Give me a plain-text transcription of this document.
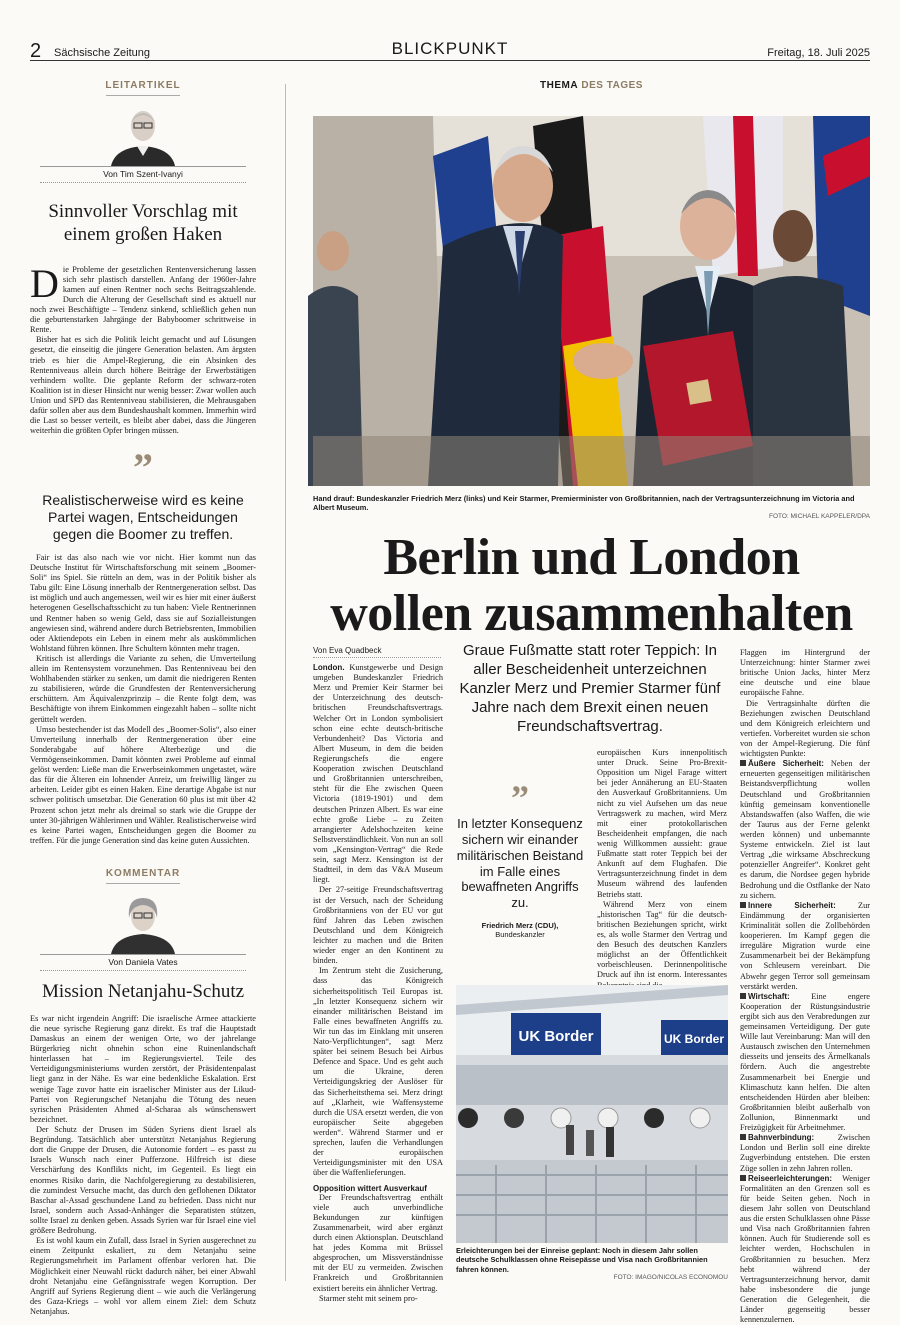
2 Sächsische Zeitung	BLICKPUNKT	Freitag, 18. Juli 2025
LEITARTIKEL
Von Tim Szent-Ivanyi
Sinnvoller Vorschlag mit einem großen Haken

Die Probleme der gesetzlichen Rentenversicherung lassen sich sehr plastisch darstellen. Anfang der 1960er-Jahre kamen auf einen Rentner noch sechs Beitragszahlende. Durch die Alterung der Gesellschaft sind es aktuell nur noch zwei Beschäftigte – Tendenz sinkend, schließlich gehen nun die geburtenstarken Jahrgänge der Babyboomer schrittweise in Rente.

Bisher hat es sich die Politik leicht gemacht und auf Lösungen gesetzt, die einseitig die jüngere Generation belasten. Am ärgsten trieb es hier die Ampel-Regierung, die ein Absinken des Rentenniveaus allein durch höhere Beiträge der Erwerbstätigen verhindern wollte. Die geplante Reform der schwarz-roten Koalition ist in dieser Hinsicht nur wenig besser: Zwar wollen auch Union und SPD das Rentenniveau stabilisieren, die Mehrausgaben dafür sollen aber aus dem Bundeshaushalt kommen. Immerhin wird die Last so besser verteilt, es bleibt aber dabei, dass die Jüngeren weiterhin die größten Opfer bringen müssen.

”
Realistischerweise wird es keine Partei wagen, Entscheidungen gegen die Boomer zu treffen.

Fair ist das also nach wie vor nicht. Hier kommt nun das Deutsche Institut für Wirtschaftsforschung mit seinem „Boomer-Soli“ ins Spiel. Sie rütteln an dem, was in der Politik bisher als Tabu gilt: Eine Lösung innerhalb der Rentnergeneration selbst. Das ist möglich und auch angemessen, weil wir es hier mit einer äußerst heterogenen Gesellschaftsschicht zu tun haben: Viele Rentnerinnen und Rentner haben so wenig Geld, dass sie auf Sozialleistungen angewiesen sind, während andere durch Betriebsrenten, Immobilien oder Aktiendepots ein Leben in einem mehr als auskömmlichen Wohlstand führen können. Ihre Schultern könnten mehr tragen.

Kritisch ist allerdings die Variante zu sehen, die Umverteilung allein im Rentensystem vorzunehmen. Das Rentenniveau bei den Wohlhabenden stärker zu senken, um damit die niedrigeren Renten zu stabilisieren, würde die Grundfesten der Rentenversicherung erschüttern. Am Äquivalenzprinzip – die Rente folgt dem, was Beschäftigte von ihrem Einkommen eingezahlt haben – sollte nicht gerüttelt werden.

Umso bestechender ist das Modell des „Boomer-Solis“, also einer Umverteilung innerhalb der Rentnergeneration über eine Sonderabgabe auf höhere Alterbezüge und die Vermögenseinkommen. Damit könnten zwei Probleme auf einmal gelöst werden: Ließe man die Erwerbseinkommen ungetastet, wäre das für die Älteren ein lohnender Anreiz, um freiwillig länger zu arbeiten. Leider gibt es einen Haken. Eine derartige Abgabe ist nur schwer politisch umsetzbar. Die Generation 60 plus ist mit über 42 Prozent schon jetzt mehr als dreimal so stark wie die Gruppe der unter 30-jährigen Wählerinnen und Wähler. Realistischerweise wird es keine Partei wagen, Entscheidungen gegen die Boomer zu treffen. Für die junge Generation sind das keine guten Aussichten.

KOMMENTAR
Von Daniela Vates
Mission Netanjahu-Schutz

Es war nicht irgendein Angriff: Die israelische Armee attackierte die neue syrische Regierung ganz direkt. Es traf die Hauptstadt Damaskus an einem der wenigen Orte, wo der jahrelange Bürgerkrieg nicht ohnehin schon eine Ruinenlandschaft hinterlassen hat – im Regierungsviertel. Teile des Verteidigungsministeriums wurden zerstört, der Präsidentenpalast liegt ganz in der Nähe. Es war eine bedenkliche Eskalation. Erst wenige Tage zuvor hatte ein israelischer Minister aus der Likud-Partei von Regierungschef Netanjahu die Tötung des neuen syrischen Präsidenten Ahmed al-Scharaa als wünschenswert bezeichnet.

Der Schutz der Drusen im Süden Syriens dient Israel als Begründung. Tatsächlich aber unterstützt Netanjahus Regierung dort die Gruppe der Drusen, die Autonomie fordert – es passt zu Israels Wunsch nach einer Pufferzone. Hilfreich ist diese Verschärfung des Konflikts nicht, im Gegenteil. Es liegt ein enormes Risiko darin, die Nachfolgeregierung zu destabilisieren, die zumindest Versuche macht, das durch den geflohenen Diktator Baschar al-Assad geschundene Land zu befrieden. Dass nicht nur Israel, sondern auch Assad-Anhänger die Separatisten stützen, sollte Israel zu denken geben. Assads Syrien war für Israel eine viel größere Bedrohung.

Es ist wohl kaum ein Zufall, dass Israel in Syrien ausgerechnet zu einem Zeitpunkt eskaliert, zu dem Netanjahu seine Regierungsmehrheit im Parlament offenbar verloren hat. Die Möglichkeit einer Neuwahl rückt dadurch näher, bei einer Abwahl droht Netanjahu eine Gefängnisstrafe wegen Korruption. Der Angriff auf Syriens Regierung dient – wie auch die Verlängerung des Gaza-Kriegs – wohl vor allem einem Ziel: dem Schutz Netanjahus.

THEMA DES TAGES
Hand drauf: Bundeskanzler Friedrich Merz (links) und Keir Starmer, Premierminister von Großbritannien, nach der Vertragsunterzeichnung im Victoria and Albert Museum.
FOTO: MICHAEL KAPPELER/DPA
Berlin und London
wollen zusammenhalten
Von Eva Quadbeck	Graue Fußmatte statt roter Teppich: In aller Bescheidenheit unterzeichnen Kanzler Merz und Premier Starmer fünf Jahre nach dem Brexit einen neuen Freundschaftsvertrag.

London. Kunstgewerbe und Design umgeben Bundeskanzler Friedrich Merz und Premier Keir Starmer bei der Unterzeichnung des deutsch-britischen Freundschaftsvertrags. Welcher Ort in London symbolisiert schon eine echte deutsch-britische Verbundenheit? Das Victoria and Albert Museum, in dem die beiden Regierungschefs die engere Kooperation zwischen Deutschland und Großbritannien unterschreiben, steht für die Ehe zwischen Queen Victoria (1819-1901) und dem deutschen Prinzen Albert. Es war eine echte große Liebe – zu Zeiten arrangierter Adelshochzeiten keine Selbstverständlichkeit. Von nun an soll vom „Kensington-Vertrag“ die Rede sein, sagt Merz. Kensington ist der Stadtteil, in dem das V&A Museum liegt.

Der 27-seitige Freundschaftsvertrag ist der Versuch, nach der Scheidung Großbritanniens von der EU vor gut fünf Jahren das Leben zwischen Deutschland und dem Königreich leichter zu machen und die Briten wieder enger an den Kontinent zu binden.

Im Zentrum steht die Zusicherung, dass das Königreich sicherheitspolitisch Teil Europas ist. „In letzter Konsequenz sichern wir einander militärischen Beistand im Falle eines bewaffneten Angriffs zu. Wir tun das im Einklang mit unseren Nato-Verpflichtungen“, sagt Merz später bei seinem Besuch bei Airbus Defence and Space. Und es geht auch um die Ukraine, deren Verteidigungskrieg der Auslöser für das Sicherheitsthema sei. Merz dringt auf „Klarheit, wie Waffensysteme durch die USA ersetzt werden, die von europäischer Seite abgegeben werden“. Während Starmer und er sprechen, laufen die Verhandlungen der europäischen Verteidigungsminister mit den USA über die Waffenlieferungen.

Opposition wittert Ausverkauf

Der Freundschaftsvertrag enthält viele auch unverbindliche Bekundungen zur künftigen Zusammenarbeit, wird aber ergänzt durch einen Aktionsplan. Deutschland hat jedes Komma mit Brüssel abgesprochen, um Missverständnisse mit der EU zu vermeiden. Zwischen Frankreich und Großbritannien existiert bereits ein ähnlicher Vertrag.

Starmer steht mit seinem pro-

europäischen Kurs innenpolitisch unter Druck. Seine Pro-Brexit-Opposition um Nigel Farage wittert bei jeder Annäherung an EU-Staaten den Ausverkauf Großbritanniens. Um nicht zu viel Aufsehen um das neue Vertragswerk zu machen, wird Merz mit einer protokollarischen Bescheidenheit empfangen, die nach wenig Willkommen aussieht: graue Fußmatte statt roter Teppich bei der Ankunft auf dem Flughafen. Die Vertragsunterzeichnung findet in dem Museum während des laufenden Betriebs statt.

Während Merz von einem „historischen Tag“ für die deutsch-britischen Beziehungen spricht, wirkt es, als wolle Starmer den Vertrag und den Besuch des deutschen Kanzlers möglichst an der Öffentlichkeit vorbeischleusen. Derinnenpolitische Druck auf ihn ist enorm. Interessantes

”
In letzter Konsequenz sichern wir einander militärischen Beistand im Falle eines bewaffneten Angriffs zu.
Friedrich Merz (CDU),
Bundeskanzler
UK Border	UK Border
Erleichterungen bei der Einreise geplant: Noch in diesem Jahr sollen deutsche Schulklassen ohne Reisepässe und Visa nach Großbritannien fahren können.
FOTO: IMAGO/NICOLAS ECONOMOU

Flaggen im Hintergrund der Unterzeichnung: hinter Starmer zwei britische Union Jacks, hinter Merz eine deutsche und eine blaue europäische Fahne.

Die Vertragsinhalte dürften die Beziehungen zwischen Deutschland und dem Königreich erleichtern und vertiefen. Vorbereitet wurden sie schon von der Ampel-Regierung. Die fünf wichtigsten Punkte:

Äußere Sicherheit: Neben der erneuerten gegenseitigen militärischen Beistandsverpflichtung wollen Deutschland und Großbritannien künftig gemeinsam konventionelle Abstandswaffen (also Waffen, die wie der Taurus aus der Ferne gelenkt werden können) und unbemannte Systeme entwickeln. Ziel ist laut Vertrag „die wirksame Abschreckung potenzieller Angreifer“. Konkret geht es darum, die Nordsee gegen hybride Bedrohung und die Ostflanke der Nato zu sichern.

Innere Sicherheit: Zur Eindämmung der organisierten Kriminalität sollen die Zollbehörden kooperieren. Im Kampf gegen die irreguläre Migration wurde eine Zusammenarbeit bei der Bekämpfung von Schleusern vereinbart. Die Abwehr gegen Terror soll gemeinsam verstärkt werden.

Wirtschaft: Eine engere Kooperation der Rüstungsindustrie ergibt sich aus den Verabredungen zur gemeinsamen Verteidigung. Der gute Wille laut Vereinbarung: Man will den Austausch zwischen den Unternehmen diesseits und jenseits des Ärmelkanals fördern. Auch die angestrebte Zusammenarbeit bei Energie und Klimaschutz kann helfen. Die alten entscheidenden Hürden aber bleiben: Großbritannien bleibt außerhalb von Zollunion, Binnenmarkt und Freizügigkeit für Arbeitnehmer.

Bahnverbindung: Zwischen London und Berlin soll eine direkte Zugverbindung entstehen. Die ersten Züge sollen in zehn Jahren rollen.

Reiseerleichterungen: Weniger Formalitäten an den Grenzen soll es für beide Seiten geben. Noch in diesem Jahr sollen von Deutschland aus die ersten Schulklassen ohne Pässe und Visa nach Großbritannien fahren können. Auch für Studierende soll es leichter werden, Hochschulen in Großbritannien zu besuchen. Merz hebt während der Vertragsunterzeichnung hervor, damit habe insbesondere die junge Generation die Gelegenheit, die Länder gegenseitig besser kennenzulernen.
